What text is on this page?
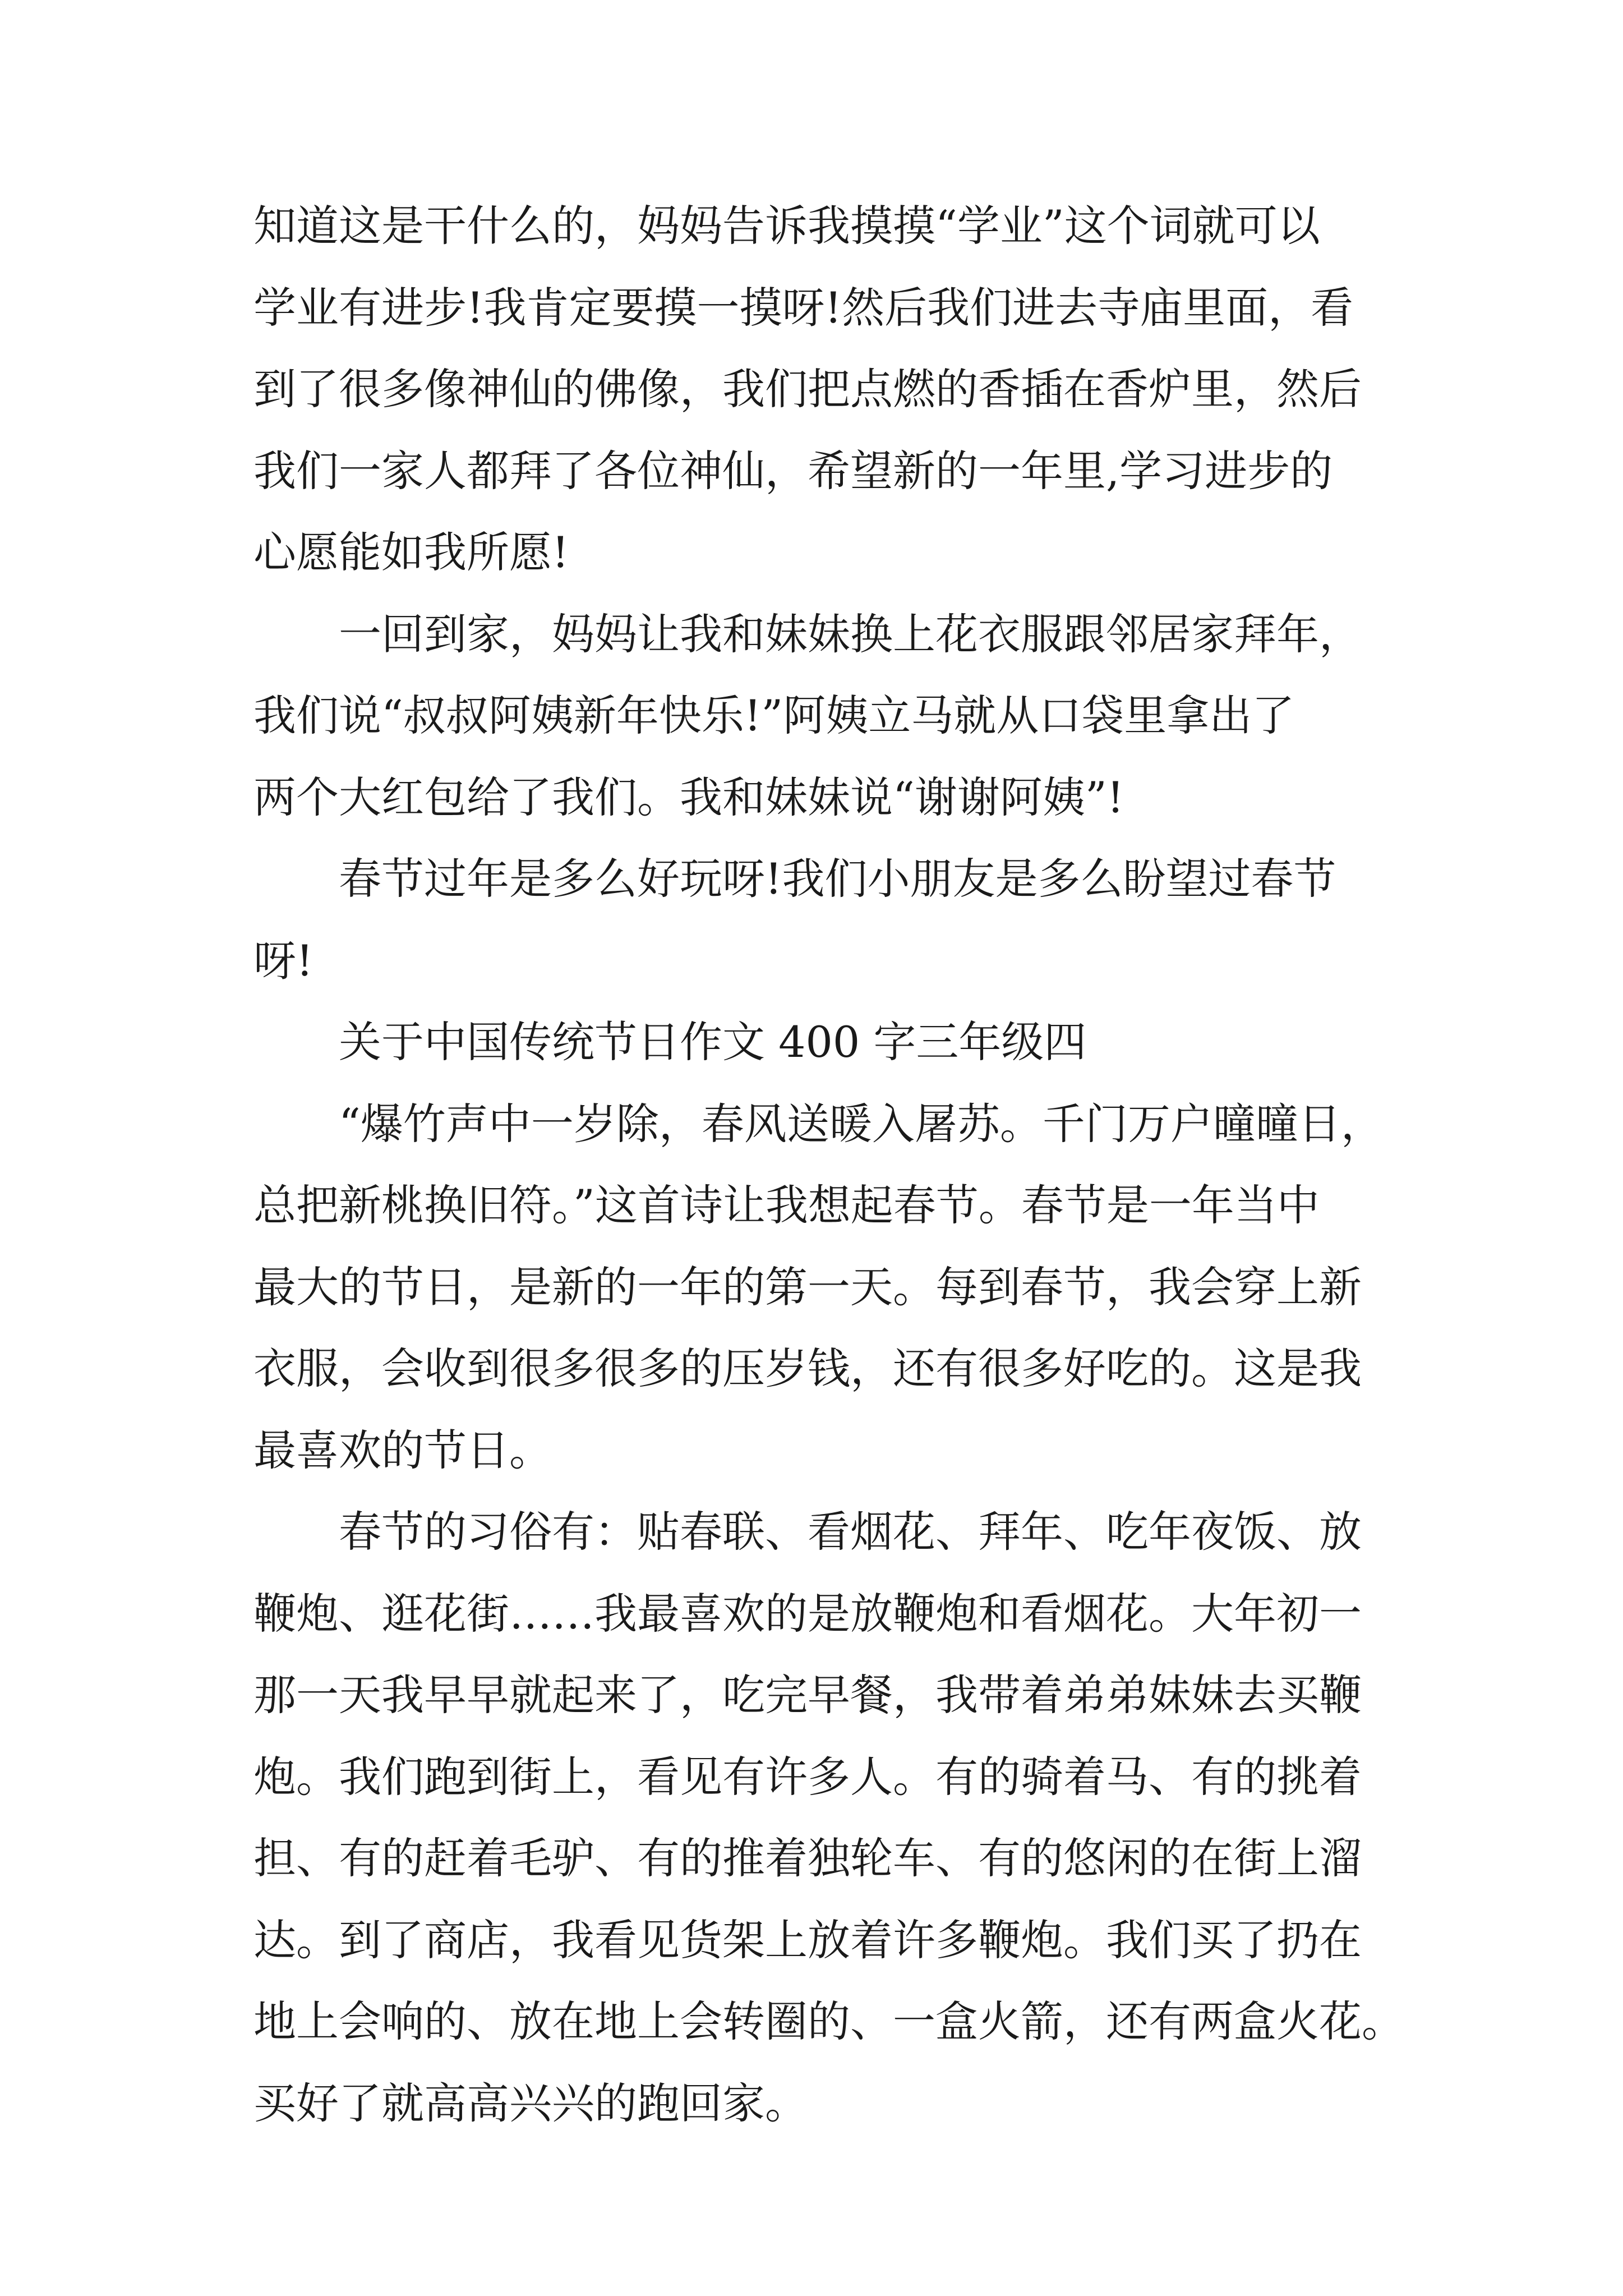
知道这是干什么的，妈妈告诉我摸摸“学业”这个词就可以
学业有进步!我肯定要摸一摸呀!然后我们进去寺庙里面，看
到了很多像神仙的佛像，我们把点燃的香插在香炉里，然后
我们一家人都拜了各位神仙，希望新的一年里,学习进步的
心愿能如我所愿!

一回到家，妈妈让我和妹妹换上花衣服跟邻居家拜年，
我们说“叔叔阿姨新年快乐!”阿姨立马就从口袋里拿出了
两个大红包给了我们。我和妹妹说“谢谢阿姨”!

春节过年是多么好玩呀!我们小朋友是多么盼望过春节
呀!

关于中国传统节日作文 400 字三年级四

“爆竹声中一岁除，春风送暖入屠苏。千门万户曈曈日，
总把新桃换旧符。”这首诗让我想起春节。春节是一年当中
最大的节日，是新的一年的第一天。每到春节，我会穿上新
衣服，会收到很多很多的压岁钱，还有很多好吃的。这是我
最喜欢的节日。

春节的习俗有：贴春联、看烟花、拜年、吃年夜饭、放
鞭炮、逛花街……我最喜欢的是放鞭炮和看烟花。大年初一
那一天我早早就起来了，吃完早餐，我带着弟弟妹妹去买鞭
炮。我们跑到街上，看见有许多人。有的骑着马、有的挑着
担、有的赶着毛驴、有的推着独轮车、有的悠闲的在街上溜
达。到了商店，我看见货架上放着许多鞭炮。我们买了扔在
地上会响的、放在地上会转圈的、一盒火箭，还有两盒火花。
买好了就高高兴兴的跑回家。
